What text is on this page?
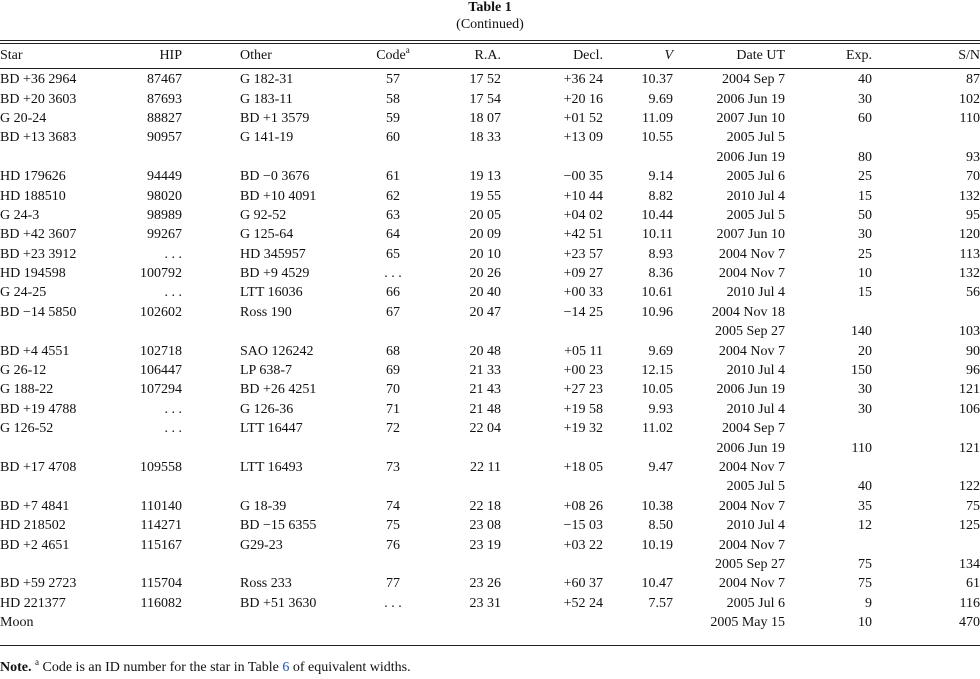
Table 1
(Continued)
Star	HIP		Other	Code$^a$	R.A.	Decl.	V	Date UT	Exp.	S/N
BD +36 2964	87467		G 182-31	57	17 52	+36 24	10.37	2004 Sep 7	40	87
BD +20 3603	87693		G 183-11	58	17 54	+20 16	9.69	2006 Jun 19	30	102
G 20-24	88827		BD +1 3579	59	18 07	+01 52	11.09	2007 Jun 10	60	110
BD +13 3683	90957		G 141-19	60	18 33	+13 09	10.55	2005 Jul 5		
								2006 Jun 19	80	93
HD 179626	94449		BD −0 3676	61	19 13	−00 35	9.14	2005 Jul 6	25	70
HD 188510	98020		BD +10 4091	62	19 55	+10 44	8.82	2010 Jul 4	15	132
G 24-3	98989		G 92-52	63	20 05	+04 02	10.44	2005 Jul 5	50	95
BD +42 3607	99267		G 125-64	64	20 09	+42 51	10.11	2007 Jun 10	30	120
BD +23 3912	. . .		HD 345957	65	20 10	+23 57	8.93	2004 Nov 7	25	113
HD 194598	100792		BD +9 4529	. . .	20 26	+09 27	8.36	2004 Nov 7	10	132
G 24-25	. . .		LTT 16036	66	20 40	+00 33	10.61	2010 Jul 4	15	56
BD −14 5850	102602		Ross 190	67	20 47	−14 25	10.96	2004 Nov 18		
								2005 Sep 27	140	103
BD +4 4551	102718		SAO 126242	68	20 48	+05 11	9.69	2004 Nov 7	20	90
G 26-12	106447		LP 638-7	69	21 33	+00 23	12.15	2010 Jul 4	150	96
G 188-22	107294		BD +26 4251	70	21 43	+27 23	10.05	2006 Jun 19	30	121
BD +19 4788	. . .		G 126-36	71	21 48	+19 58	9.93	2010 Jul 4	30	106
G 126-52	. . .		LTT 16447	72	22 04	+19 32	11.02	2004 Sep 7		
								2006 Jun 19	110	121
BD +17 4708	109558		LTT 16493	73	22 11	+18 05	9.47	2004 Nov 7		
								2005 Jul 5	40	122
BD +7 4841	110140		G 18-39	74	22 18	+08 26	10.38	2004 Nov 7	35	75
HD 218502	114271		BD −15 6355	75	23 08	−15 03	8.50	2010 Jul 4	12	125
BD +2 4651	115167		G29-23	76	23 19	+03 22	10.19	2004 Nov 7		
								2005 Sep 27	75	134
BD +59 2723	115704		Ross 233	77	23 26	+60 37	10.47	2004 Nov 7	75	61
HD 221377	116082		BD +51 3630	. . .	23 31	+52 24	7.57	2005 Jul 6	9	116
Moon								2005 May 15	10	470
Note. $^a$ Code is an ID number for the star in Table 6 of equivalent widths.
